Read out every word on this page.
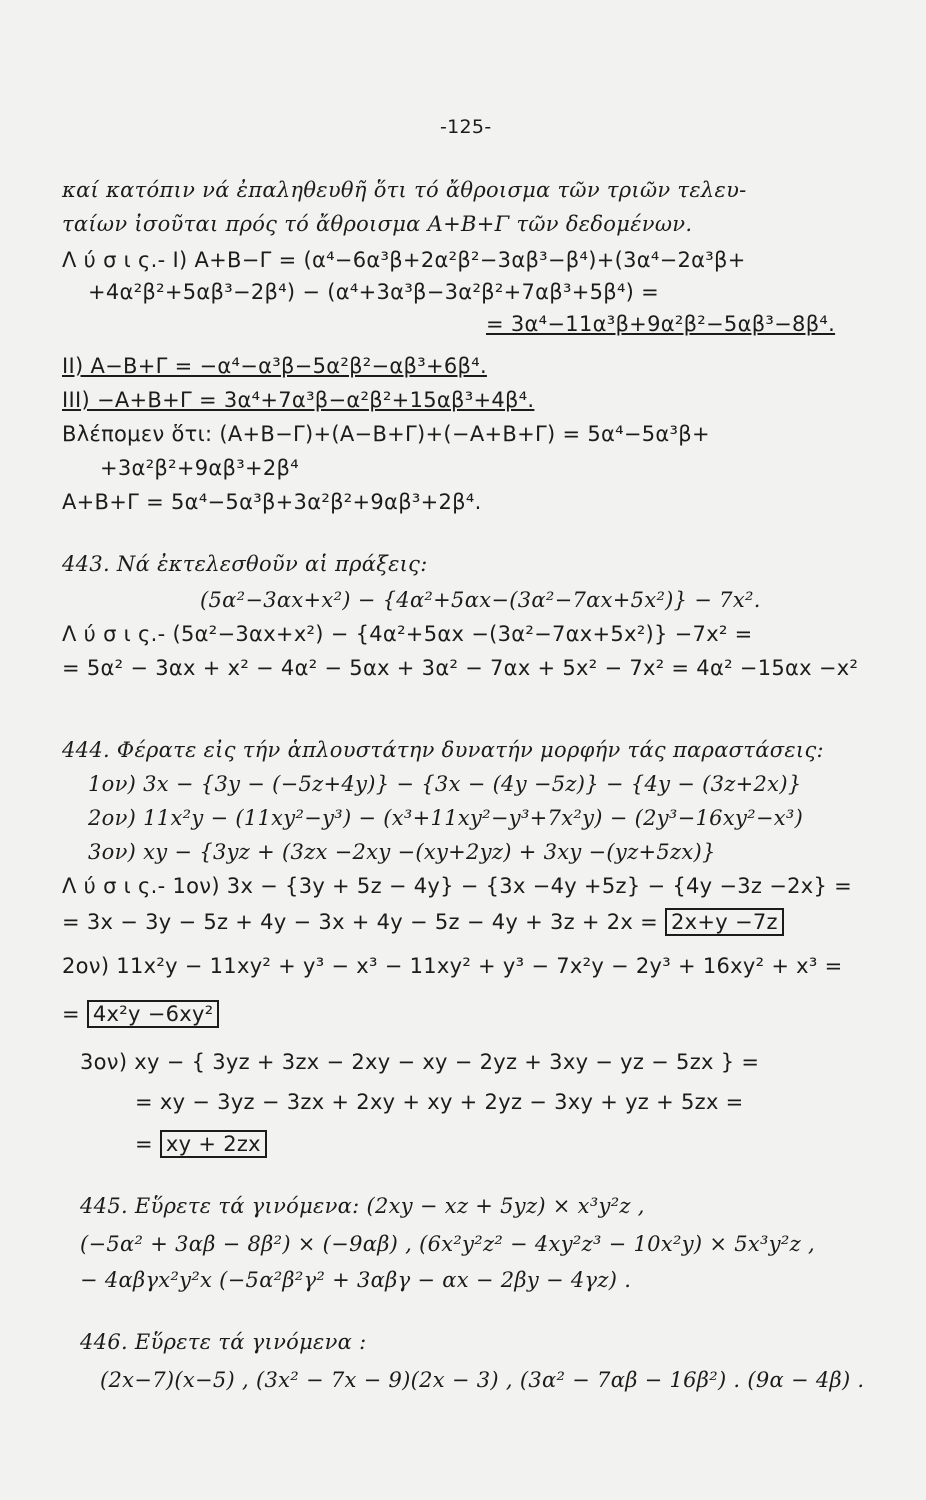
-125-
καί κατόπιν νά ἐπαληθευθῆ ὅτι τό ἄθροισμα τῶν τριῶν τελευ-
ταίων ἰσοῦται πρός τό ἄθροισμα Α+Β+Γ τῶν δεδομένων.
Λ ύ σ ι ς.- I) Α+Β−Γ = (α⁴−6α³β+2α²β²−3αβ³−β⁴)+(3α⁴−2α³β+
+4α²β²+5αβ³−2β⁴) − (α⁴+3α³β−3α²β²+7αβ³+5β⁴) =
= 3α⁴−11α³β+9α²β²−5αβ³−8β⁴.
II) Α−Β+Γ = −α⁴−α³β−5α²β²−αβ³+6β⁴.
III) −Α+Β+Γ = 3α⁴+7α³β−α²β²+15αβ³+4β⁴.
Βλέπομεν ὅτι: (Α+Β−Γ)+(Α−Β+Γ)+(−Α+Β+Γ) = 5α⁴−5α³β+
+3α²β²+9αβ³+2β⁴
Α+Β+Γ = 5α⁴−5α³β+3α²β²+9αβ³+2β⁴.
443. Νά ἐκτελεσθοῦν αἱ πράξεις:
(5α²−3αx+x²) − {4α²+5αx−(3α²−7αx+5x²)} − 7x².
Λ ύ σ ι ς.- (5α²−3αx+x²) − {4α²+5αx −(3α²−7αx+5x²)} −7x² =
= 5α² − 3αx + x² − 4α² − 5αx + 3α² − 7αx + 5x² − 7x² = 4α² −15αx −x²
444. Φέρατε εἰς τήν ἁπλουστάτην δυνατήν μορφήν τάς παραστάσεις:
1ον) 3x − {3y − (−5z+4y)} − {3x − (4y −5z)} − {4y − (3z+2x)}
2ον) 11x²y − (11xy²−y³) − (x³+11xy²−y³+7x²y) − (2y³−16xy²−x³)
3ον) xy − {3yz + (3zx −2xy −(xy+2yz) + 3xy −(yz+5zx)}
Λ ύ σ ι ς.- 1ον) 3x − {3y + 5z − 4y} − {3x −4y +5z} − {4y −3z −2x} =
= 3x − 3y − 5z + 4y − 3x + 4y − 5z − 4y + 3z + 2x = 2x+y −7z
2ον) 11x²y − 11xy² + y³ − x³ − 11xy² + y³ − 7x²y − 2y³ + 16xy² + x³ =
= 4x²y −6xy²
3ον) xy − { 3yz + 3zx − 2xy − xy − 2yz + 3xy − yz − 5zx } =
= xy − 3yz − 3zx + 2xy + xy + 2yz − 3xy + yz + 5zx =
= xy + 2zx
445. Εὕρετε τά γινόμενα: (2xy − xz + 5yz) × x³y²z ,
(−5α² + 3αβ − 8β²) × (−9αβ) , (6x²y²z² − 4xy²z³ − 10x²y) × 5x³y²z ,
− 4αβγx²y²x (−5α²β²γ² + 3αβγ − αx − 2βy − 4γz) .
446. Εὕρετε τά γινόμενα :
(2x−7)(x−5) , (3x² − 7x − 9)(2x − 3) , (3α² − 7αβ − 16β²) . (9α − 4β) .
